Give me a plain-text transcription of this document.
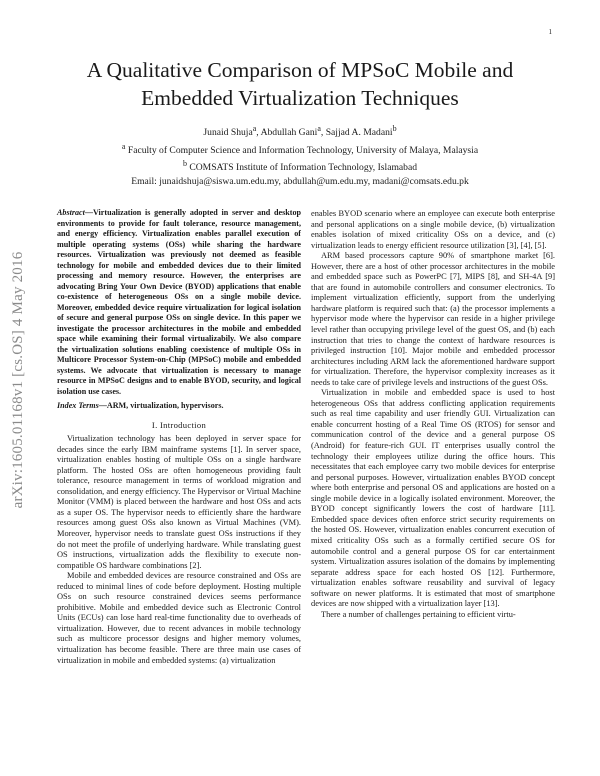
1
arXiv:1605.01168v1 [cs.OS] 4 May 2016
A Qualitative Comparison of MPSoC Mobile and
Embedded Virtualization Techniques
Junaid Shuja$^a$, Abdullah Gani$^a$, Sajjad A. Madani$^b$
$^a$ Faculty of Computer Science and Information Technology, University of Malaya, Malaysia
$^b$ COMSATS Institute of Information Technology, Islamabad
Email: junaidshuja@siswa.um.edu.my, abdullah@um.edu.my, madani@comsats.edu.pk
Abstract—Virtualization is generally adopted in server and desktop environments to provide for fault tolerance, resource management, and energy efficiency. Virtualization enables parallel execution of multiple operating systems (OSs) while sharing the hardware resources. Virtualization was previously not deemed as feasible technology for mobile and embedded devices due to their limited processing and memory resource. However, the enterprises are advocating Bring Your Own Device (BYOD) applications that enable co-existence of heterogeneous OSs on a single mobile device. Moreover, embedded device require virtualization for logical isolation of secure and general purpose OSs on single device. In this paper we investigate the processor architectures in the mobile and embedded space while examining their formal virtualizabily. We also compare the virtualization solutions enabling coexistence of multiple OSs in Multicore Processor System-on-Chip (MPSoC) mobile and embedded systems. We advocate that virtualization is necessary to manage resource in MPSoC designs and to enable BYOD, security, and logical isolation use cases.
Index Terms—ARM, virtualization, hypervisors.
I. Introduction

Virtualization technology has been deployed in server space for decades since the early IBM mainframe systems [1]. In server space, virtualization enables hosting of multiple OSs on a single hardware platform. The hosted OSs are often homogeneous providing fault tolerance, resource management in terms of workload migration and consolidation, and energy efficiency. The Hypervisor or Virtual Machine Monitor (VMM) is placed between the hardware and host OSs and acts as a super OS. The hypervisor needs to efficiently share the hardware resources among guest OSs also known as Virtual Machines (VM). Moreover, hypervisor needs to translate guest OSs instructions if they do not meet the profile of underlying hardware. While translating guest OS instructions, virtualization adds the flexibility to execute non-compatible OS hardware combinations [2].

Mobile and embedded devices are resource constrained and OSs are reduced to minimal lines of code before deployment. Hosting multiple OSs on such resource constrained devices seems performance prohibitive. Mobile and embedded device such as Electronic Control Units (ECUs) can lose hard real-time functionality due to overheads of virtualization. However, due to recent advances in mobile technology such as multicore processor designs and higher memory volumes, virtualization has become feasible. There are three main use cases of virtualization in mobile and embedded systems: (a) virtualization

enables BYOD scenario where an employee can execute both enterprise and personal applications on a single mobile device, (b) virtualization enables isolation of mixed criticality OSs on a device, and (c) virtualization leads to energy efficient resource utilization [3], [4], [5].

ARM based processors capture 90% of smartphone market [6]. However, there are a host of other processor architectures in the mobile and embedded space such as PowerPC [7], MIPS [8], and SH-4A [9] that are found in automobile controllers and consumer electronics. To implement virtualization efficiently, support from the underlying hardware platform is required such that: (a) the processor implements a hypervisor mode where the hypervisor can reside in a higher privilege level rather than occupying privilege level of the guest OS, and (b) each instruction that tries to change the context of hardware resources is privileged instruction [10]. Major mobile and embedded processor architectures including ARM lack the aforementioned hardware support for virtualization. Therefore, the hypervisor complexity increases as it needs to take care of privilege levels and instructions of the guest OSs.

Virtualization in mobile and embedded space is used to host heterogeneous OSs that address conflicting application requirements such as real time capability and user friendly GUI. Virtualization can enable concurrent hosting of a Real Time OS (RTOS) for sensor and communication control of the device and a general purpose OS (Android) for feature-rich GUI. IT enterprises usually control the technology their employees utilize during the office hours. This necessitates that each employee carry two mobile devices for enterprise and personal purposes. However, virtualization enables BYOD concept where both enterprise and personal OS and applications are hosted on a single mobile device in a logically isolated environment. Moreover, the BYOD concept significantly lowers the cost of hardware [11]. Embedded space devices often enforce strict security requirements on the hosted OS. However, virtualization enables concurrent execution of mixed criticality OSs such as a formally certified secure OS for automobile control and a general purpose OS for car entertainment system. Virtualization assures isolation of the domains by implementing separate address space for each hosted OS [12]. Furthermore, virtualization enables software reusability and survival of legacy software on newer platforms. It is estimated that most of smartphone devices are now shipped with a virtualization layer [13].

There a number of challenges pertaining to efficient virtu-
